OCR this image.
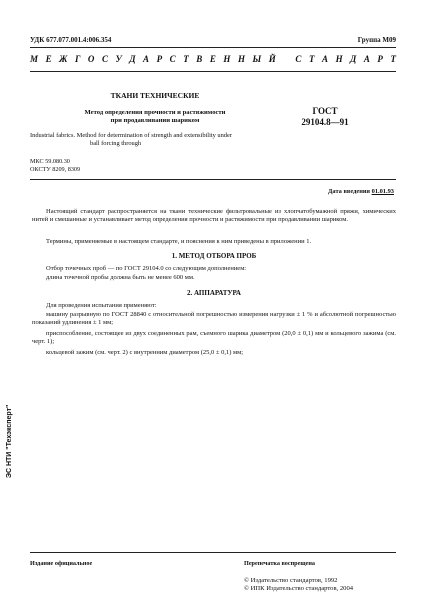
УДК 677.077.001.4:006.354	Группа М09
М Е Ж Г О С У Д А Р С Т В Е Н Н Ы Й
С Т А Н Д А Р Т
ТКАНИ ТЕХНИЧЕСКИЕ
Метод определения прочности и растяжимости
при продавливании шариком
ГОСТ
29104.8—91
Industrial fabrics. Method for determination of strength and extensibility under
ball forcing through
МКС 59.080.30
ОКСТУ 8209, 8309
Дата введения 01.01.93
Настоящий стандарт распространяется на ткани технические фильтровальные из хлопчатобумажной пряжи, химических нитей и смешанные и устанавливает метод определения прочности и растяжимости при продавливании шариком.
Термины, применяемые в настоящем стандарте, и пояснения к ним приведены в приложении 1.
1. МЕТОД ОТБОРА ПРОБ
Отбор точечных проб — по ГОСТ 29104.0 со следующим дополнением:
длина точечной пробы должна быть не менее 600 мм.
2. АППАРАТУРА
Для проведения испытания применяют:
машину разрывную по ГОСТ 28840 с относительной погрешностью измерения нагрузки ± 1 % и абсолютной погрешностью показаний удлинения ± 1 мм;
приспособление, состоящее из двух соединенных рам, съемного шарика диаметром (20,0 ± 0,1) мм и кольцевого зажима (см. черт. 1);
кольцевой зажим (см. черт. 2) с внутренним диаметром (25,0 ± 0,1) мм;
ЭС НТИ "Техэксперт"
Издание официальное	Перепечатка воспрещена
© Издательство стандартов, 1992
© ИПК Издательство стандартов, 2004
